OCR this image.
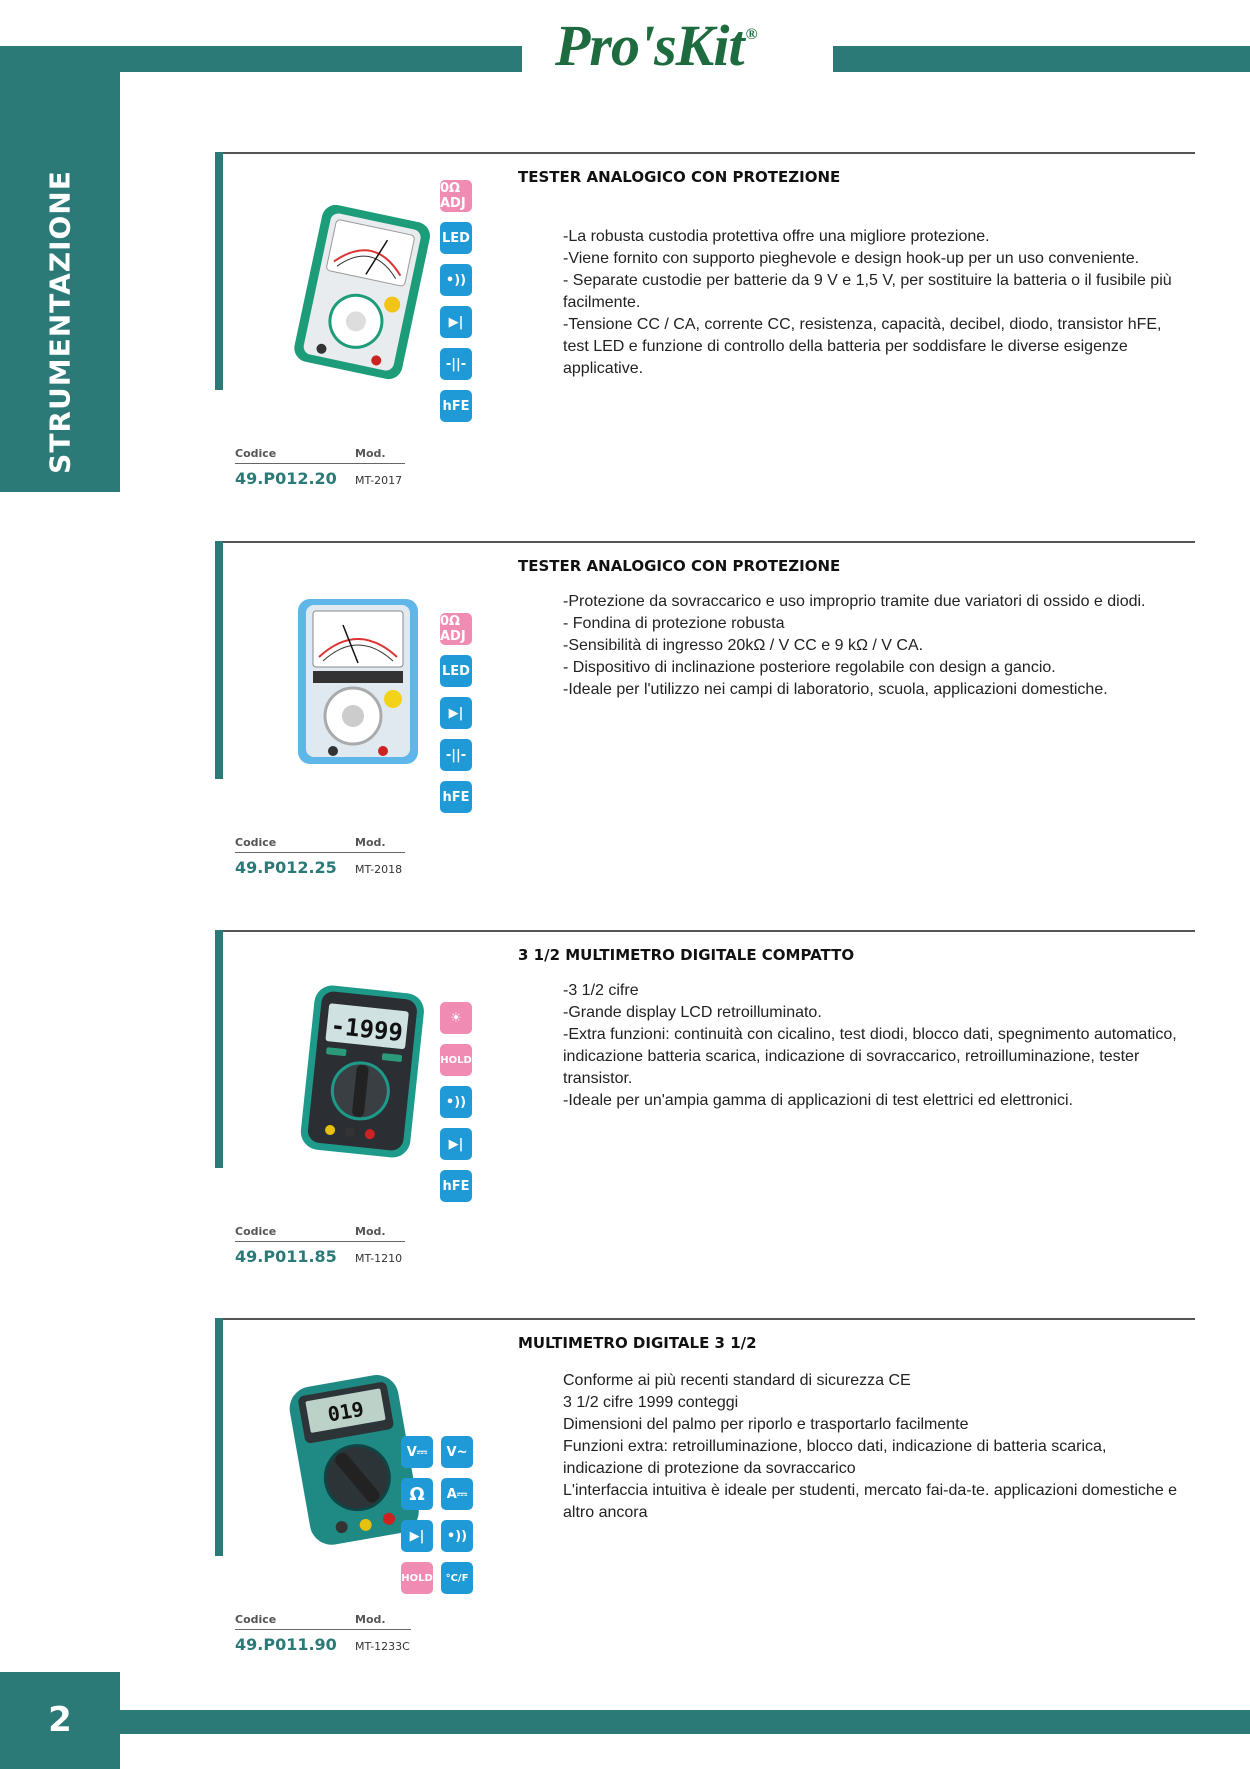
Pro'sKit ®
STRUMENTAZIONE	0Ω ADJ
LED
•))
▶|
-||-
hFE
TESTER ANALOGICO CON PROTEZIONE

-La robusta custodia protettiva offre una migliore protezione.

-Viene fornito con supporto pieghevole e design hook-up per un uso conveniente.

- Separate custodie per batterie da 9 V e 1,5 V, per sostituire la batteria o il fusibile più facilmente.

-Tensione CC / CA, corrente CC, resistenza, capacità, decibel, diodo, transistor hFE, test LED e funzione di controllo della batteria per soddisfare le diverse esigenze applicative.

Codice	Mod.
49.P012.20	MT-2017
0Ω ADJ
LED
▶|
-||-
hFE
TESTER ANALOGICO CON PROTEZIONE

-Protezione da sovraccarico e uso improprio tramite due variatori di ossido e diodi.

- Fondina di protezione robusta

-Sensibilità di ingresso 20kΩ / V CC e 9 kΩ / V CA.

- Dispositivo di inclinazione posteriore regolabile con design a gancio.

-Ideale per l'utilizzo nei campi di laboratorio, scuola, applicazioni domestiche.

Codice	Mod.
49.P012.25	MT-2018
-1999	☀
HOLD
•))
▶|
hFE
3 1/2 MULTIMETRO DIGITALE COMPATTO

-3 1/2 cifre

-Grande display LCD retroilluminato.

-Extra funzioni: continuità con cicalino, test diodi, blocco dati, spegnimento automatico, indicazione batteria scarica, indicazione di sovraccarico, retroilluminazione, tester transistor.

-Ideale per un'ampia gamma di applicazioni di test elettrici ed elettronici.

Codice	Mod.
49.P011.85	MT-1210
019
V⎓	V~
Ω	A⎓
▶|	•))
HOLD	°C/F
MULTIMETRO DIGITALE 3 1/2

Conforme ai più recenti standard di sicurezza CE

3 1/2 cifre 1999 conteggi

Dimensioni del palmo per riporlo e trasportarlo facilmente

Funzioni extra: retroilluminazione, blocco dati, indicazione di batteria scarica, indicazione di protezione da sovraccarico

L'interfaccia intuitiva è ideale per studenti, mercato fai-da-te. applicazioni domestiche e altro ancora

Codice	Mod.
49.P011.90	MT-1233C
2
